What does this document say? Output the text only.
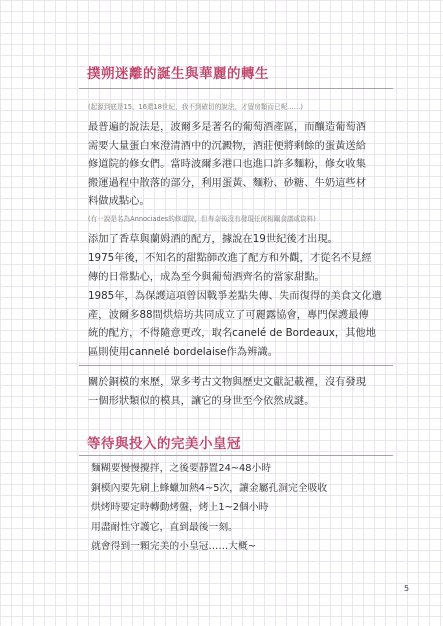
撲朔迷離的誕生與華麗的轉生
(起源到底是15、16還18世紀，我不到確切的說法，才留房類而已呢……)

最普遍的說法是，波爾多是著名的葡萄酒產區，而釀造葡萄酒
需要大量蛋白來澄清酒中的沉澱物，酒莊便將剩餘的蛋黃送給
修道院的修女們。當時波爾多港口也進口許多麵粉，修女收集
搬運過程中散落的部分，利用蛋黃、麵粉、砂糖、牛奶這些材
料做成點心。

(有一說是名為Annociades的修道院，但寿奈後沒有發現任何相關食譜或資料)

添加了香草與蘭姆酒的配方，據說在19世紀後才出現。

1975年後，不知名的甜點師改進了配方和外觀，才從名不見經
傳的日常點心，成為至今與葡萄酒齊名的當家甜點。

1985年，為保護這項曾因戰爭差點失傳、失而復得的美食文化遺
產，波爾多88間烘焙坊共同成立了可麗露協會，專門保護最傳
統的配方，不得隨意更改，取名canelé de Bordeaux，其他地
區則使用cannelé bordelaise作為辨識。

關於銅模的來歷，眾多考古文物與歷史文獻記載裡，沒有發現
一個形狀類似的模具，讓它的身世至今依然成謎。

等待與投入的完美小皇冠
麵糊要慢慢攪拌，之後要靜置24~48小時
銅模內要先刷上蜂蠟加熱4~5次，讓金屬孔洞完全吸收
烘烤時要定時轉動烤盤，烤上1~2個小時
用盡耐性守護它，直到最後一刻。
就會得到一顆完美的小皇冠……大概~
5
